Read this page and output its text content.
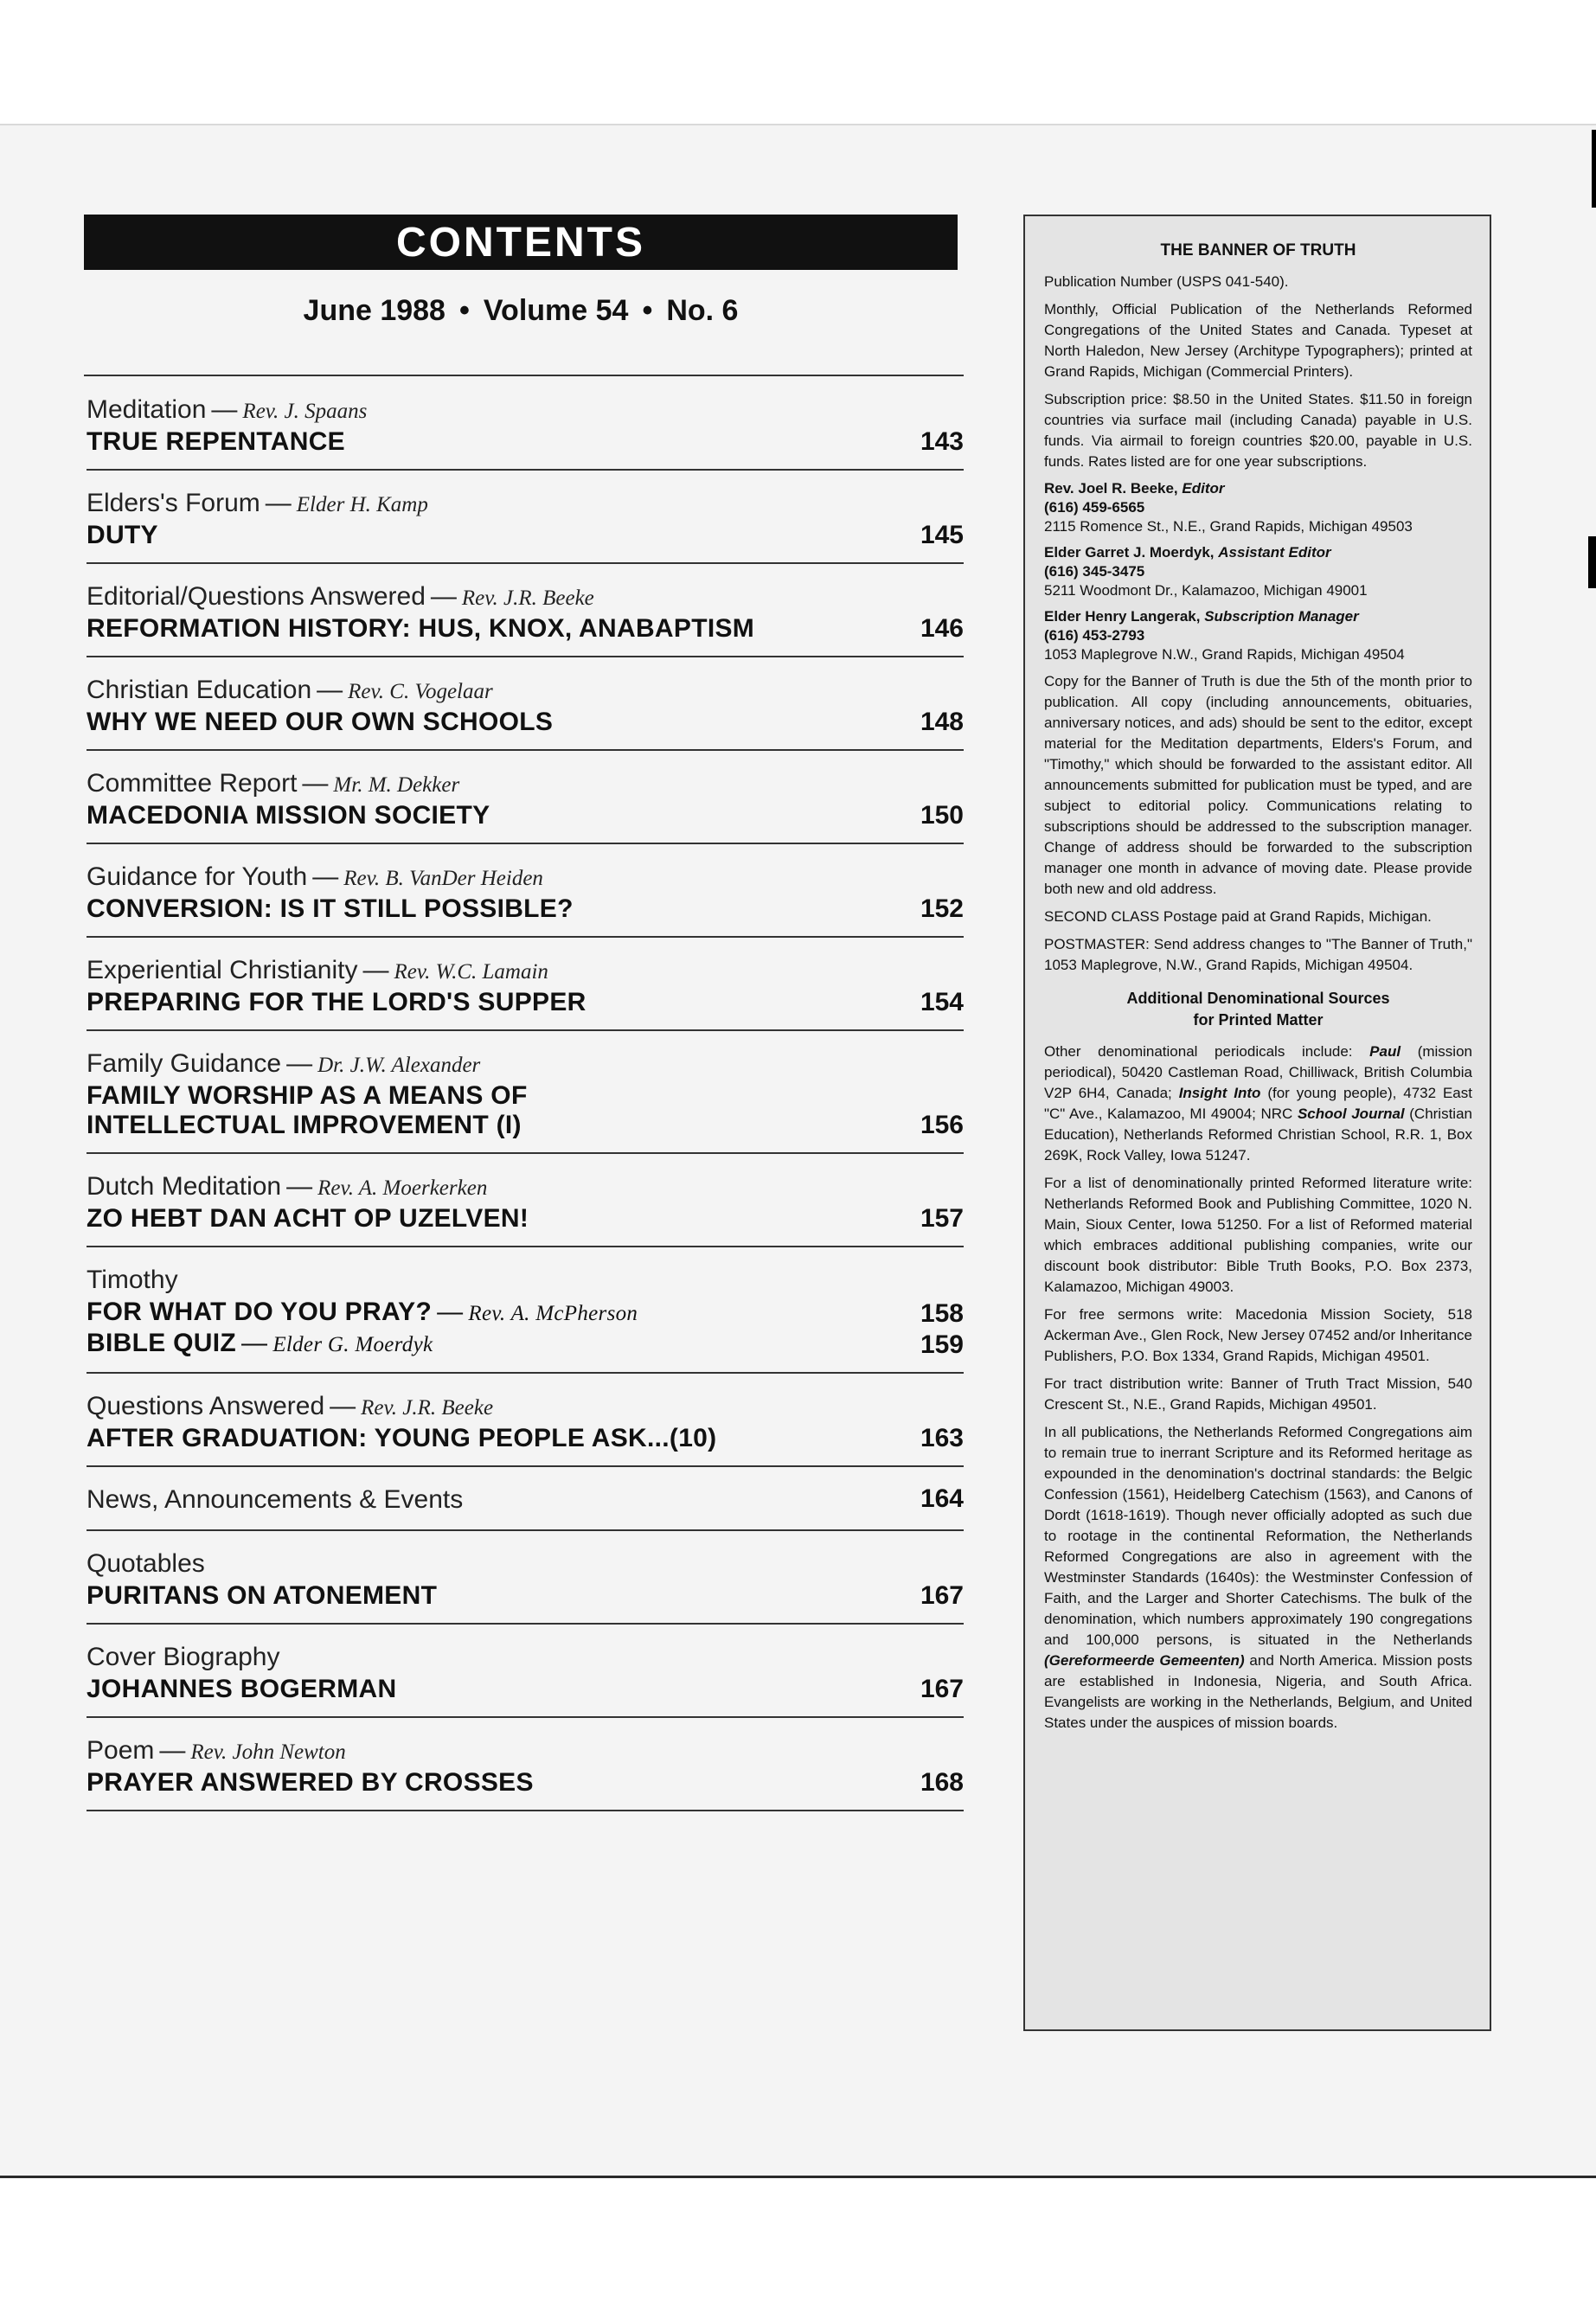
CONTENTS
June 1988 • Volume 54 • No. 6
Meditation — Rev. J. Spaans
TRUE REPENTANCE	143
Elders's Forum — Elder H. Kamp
DUTY	145
Editorial/Questions Answered — Rev. J.R. Beeke
REFORMATION HISTORY: HUS, KNOX, ANABAPTISM	146
Christian Education — Rev. C. Vogelaar
WHY WE NEED OUR OWN SCHOOLS	148
Committee Report — Mr. M. Dekker
MACEDONIA MISSION SOCIETY	150
Guidance for Youth — Rev. B. VanDer Heiden
CONVERSION: IS IT STILL POSSIBLE?	152
Experiential Christianity — Rev. W.C. Lamain
PREPARING FOR THE LORD'S SUPPER	154
Family Guidance — Dr. J.W. Alexander
FAMILY WORSHIP AS A MEANS OF
INTELLECTUAL IMPROVEMENT (I)	156
Dutch Meditation — Rev. A. Moerkerken
ZO HEBT DAN ACHT OP UZELVEN!	157
Timothy
FOR WHAT DO YOU PRAY? — Rev. A. McPherson	158
BIBLE QUIZ — Elder G. Moerdyk	159
Questions Answered — Rev. J.R. Beeke
AFTER GRADUATION: YOUNG PEOPLE ASK...(10)	163
News, Announcements & Events	164
Quotables
PURITANS ON ATONEMENT	167
Cover Biography
JOHANNES BOGERMAN	167
Poem — Rev. John Newton
PRAYER ANSWERED BY CROSSES	168

THE BANNER OF TRUTH

Publication Number (USPS 041-540).

Monthly, Official Publication of the Netherlands Reformed Congregations of the United States and Canada. Typeset at North Haledon, New Jersey (Architype Typographers); printed at Grand Rapids, Michigan (Commercial Printers).

Subscription price: $8.50 in the United States. $11.50 in foreign countries via surface mail (including Canada) payable in U.S. funds. Via airmail to foreign countries $20.00, payable in U.S. funds. Rates listed are for one year subscriptions.

Rev. Joel R. Beeke, Editor
(616) 459-6565
2115 Romence St., N.E., Grand Rapids, Michigan 49503
Elder Garret J. Moerdyk, Assistant Editor
(616) 345-3475
5211 Woodmont Dr., Kalamazoo, Michigan 49001
Elder Henry Langerak, Subscription Manager
(616) 453-2793
1053 Maplegrove N.W., Grand Rapids, Michigan 49504

Copy for the Banner of Truth is due the 5th of the month prior to publication. All copy (including announcements, obituaries, anniversary notices, and ads) should be sent to the editor, except material for the Meditation departments, Elders's Forum, and "Timothy," which should be forwarded to the assistant editor. All announcements submitted for publication must be typed, and are subject to editorial policy. Communications relating to subscriptions should be addressed to the subscription manager. Change of address should be forwarded to the subscription manager one month in advance of moving date. Please provide both new and old address.

SECOND CLASS Postage paid at Grand Rapids, Michigan.

POSTMASTER: Send address changes to "The Banner of Truth," 1053 Maplegrove, N.W., Grand Rapids, Michigan 49504.

Additional Denominational Sources
for Printed Matter

Other denominational periodicals include: Paul (mission periodical), 50420 Castleman Road, Chilliwack, British Columbia V2P 6H4, Canada; Insight Into (for young people), 4732 East "C" Ave., Kalamazoo, MI 49004; NRC School Journal (Christian Education), Netherlands Reformed Christian School, R.R. 1, Box 269K, Rock Valley, Iowa 51247.

For a list of denominationally printed Reformed literature write: Netherlands Reformed Book and Publishing Committee, 1020 N. Main, Sioux Center, Iowa 51250. For a list of Reformed material which embraces additional publishing companies, write our discount book distributor: Bible Truth Books, P.O. Box 2373, Kalamazoo, Michigan 49003.

For free sermons write: Macedonia Mission Society, 518 Ackerman Ave., Glen Rock, New Jersey 07452 and/or Inheritance Publishers, P.O. Box 1334, Grand Rapids, Michigan 49501.

For tract distribution write: Banner of Truth Tract Mission, 540 Crescent St., N.E., Grand Rapids, Michigan 49501.

In all publications, the Netherlands Reformed Congregations aim to remain true to inerrant Scripture and its Reformed heritage as expounded in the denomination's doctrinal standards: the Belgic Confession (1561), Heidelberg Catechism (1563), and Canons of Dordt (1618-1619). Though never officially adopted as such due to rootage in the continental Reformation, the Netherlands Reformed Congregations are also in agreement with the Westminster Standards (1640s): the Westminster Confession of Faith, and the Larger and Shorter Catechisms. The bulk of the denomination, which numbers approximately 190 congregations and 100,000 persons, is situated in the Netherlands (Gereformeerde Gemeenten) and North America. Mission posts are established in Indonesia, Nigeria, and South Africa. Evangelists are working in the Netherlands, Belgium, and United States under the auspices of mission boards.
